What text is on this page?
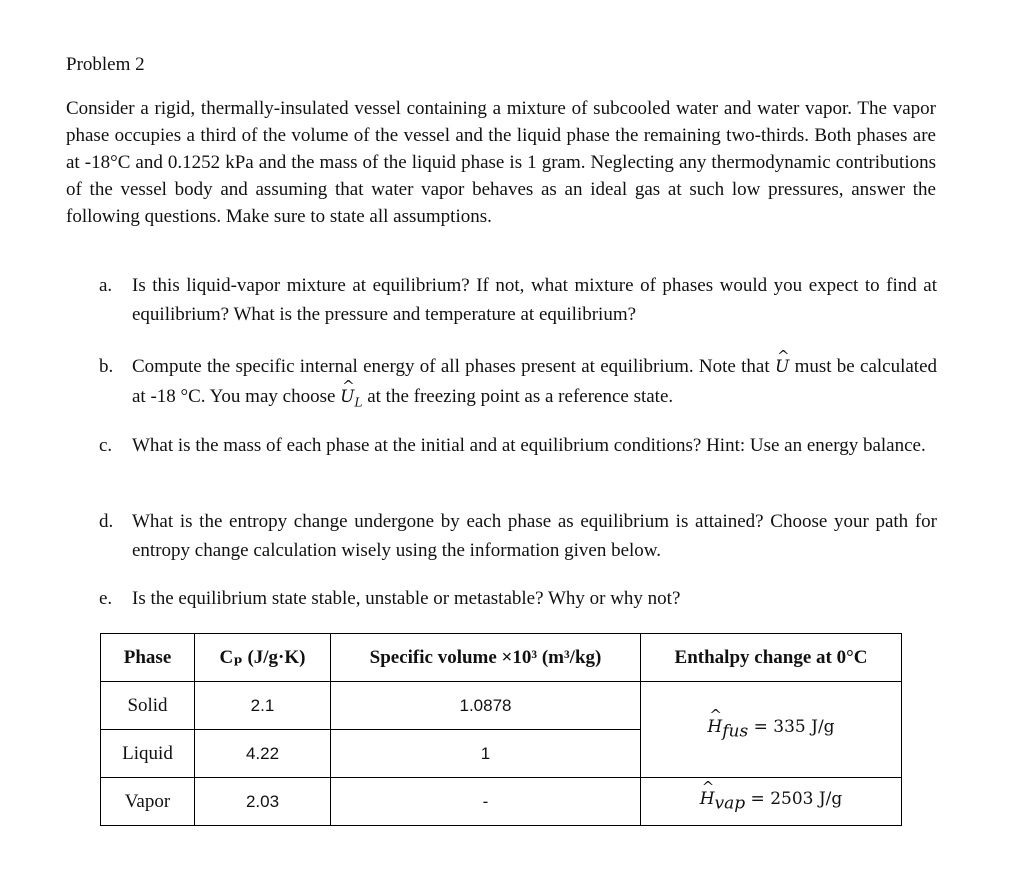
Problem 2
Consider a rigid, thermally-insulated vessel containing a mixture of subcooled water and water vapor. The vapor phase occupies a third of the volume of the vessel and the liquid phase the remaining two-thirds. Both phases are at -18°C and 0.1252 kPa and the mass of the liquid phase is 1 gram. Neglecting any thermodynamic contributions of the vessel body and assuming that water vapor behaves as an ideal gas at such low pressures, answer the following questions. Make sure to state all assumptions.
a.	Is this liquid-vapor mixture at equilibrium? If not, what mixture of phases would you expect to find at equilibrium? What is the pressure and temperature at equilibrium?
b. Compute the specific internal energy of all phases present at equilibrium. Note that ^ U must be calculated at -18 °C. You may choose ^ $U_L$ at the freezing point as a reference state.
c.	What is the mass of each phase at the initial and at equilibrium conditions? Hint: Use an energy balance.
d. What is the entropy change undergone by each phase as equilibrium is attained? Choose your path for entropy change calculation wisely using the information given below.
e.	Is the equilibrium state stable, unstable or metastable? Why or why not?
Phase	Cₚ (J/g·K)	Specific volume ×10³ (m³/kg)	Enthalpy change at 0°C
Solid	2.1	1.0878	^ $H_{fus} = 335$ J/g
Liquid	4.22	1	
Vapor	2.03	-	^ $H_{vap} = 2503$ J/g
